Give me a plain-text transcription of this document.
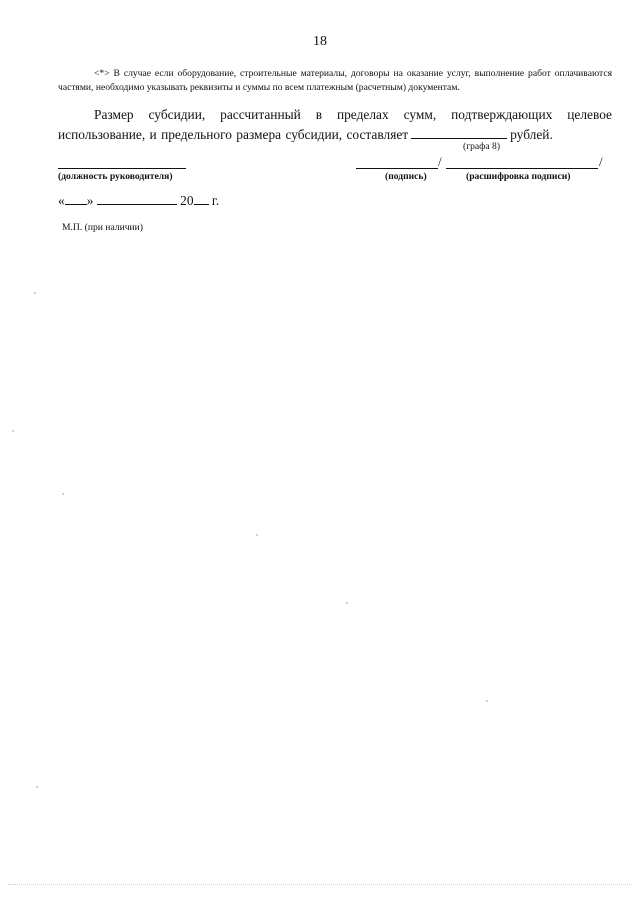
18
<*> В случае если оборудование, строительные материалы, договоры на оказание услуг, выполнение работ оплачиваются частями, необходимо указывать реквизиты и суммы по всем платежным (расчетным) документам.
Размер субсидии, рассчитанный в пределах сумм, подтверждающих целевое использование, и предельного размера субсидии, составляет	рублей.
(графа 8)
/	/
(должность руководителя)	(подпись)	(расшифровка подписи)
« »	20 г.
М.П. (при наличии)
